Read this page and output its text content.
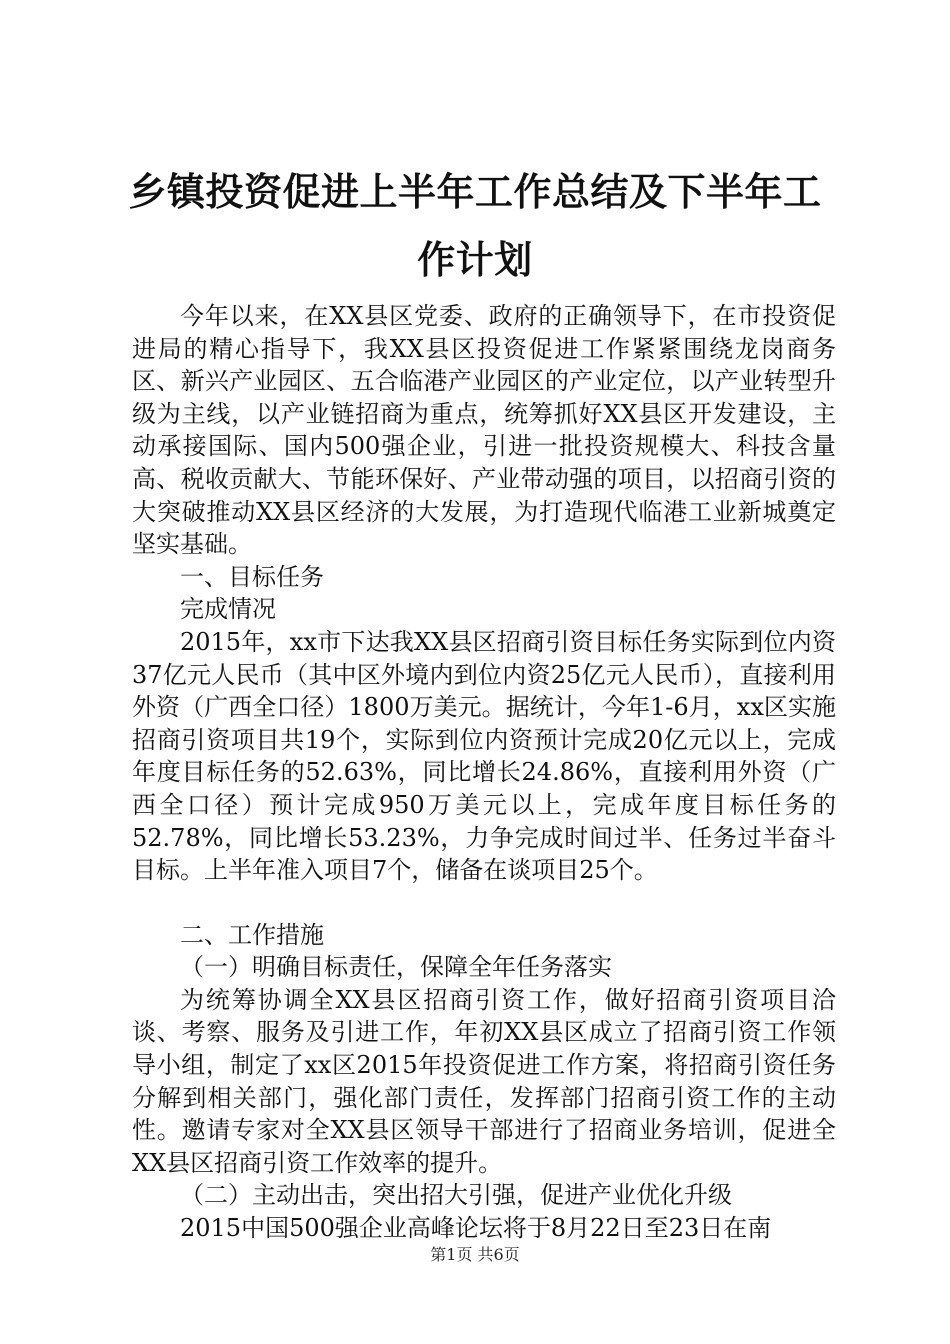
乡镇投资促进上半年工作总结及下半年工作计划

今年以来，在XX县区党委、政府的正确领导下，在市投资促进局的精心指导下，我XX县区投资促进工作紧紧围绕龙岗商务区、新兴产业园区、五合临港产业园区的产业定位，以产业转型升级为主线，以产业链招商为重点，统筹抓好XX县区开发建设，主动承接国际、国内500强企业，引进一批投资规模大、科技含量高、税收贡献大、节能环保好、产业带动强的项目，以招商引资的大突破推动XX县区经济的大发展，为打造现代临港工业新城奠定坚实基础。

一、目标任务

完成情况

2015年，xx市下达我XX县区招商引资目标任务实际到位内资37亿元人民币（其中区外境内到位内资25亿元人民币），直接利用外资（广西全口径）1800万美元。据统计，今年1-6月，xx区实施招商引资项目共19个，实际到位内资预计完成20亿元以上，完成年度目标任务的52.63%，同比增长24.86%，直接利用外资（广西全口径）预计完成950万美元以上，完成年度目标任务的52.78%，同比增长53.23%，力争完成时间过半、任务过半奋斗目标。上半年准入项目7个，储备在谈项目25个。

二、工作措施

（一）明确目标责任，保障全年任务落实

为统筹协调全XX县区招商引资工作，做好招商引资项目洽谈、考察、服务及引进工作，年初XX县区成立了招商引资工作领导小组，制定了xx区2015年投资促进工作方案，将招商引资任务分解到相关部门，强化部门责任，发挥部门招商引资工作的主动性。邀请专家对全XX县区领导干部进行了招商业务培训，促进全XX县区招商引资工作效率的提升。

（二）主动出击，突出招大引强，促进产业优化升级

2015中国500强企业高峰论坛将于8月22日至23日在南

第1页 共6页
